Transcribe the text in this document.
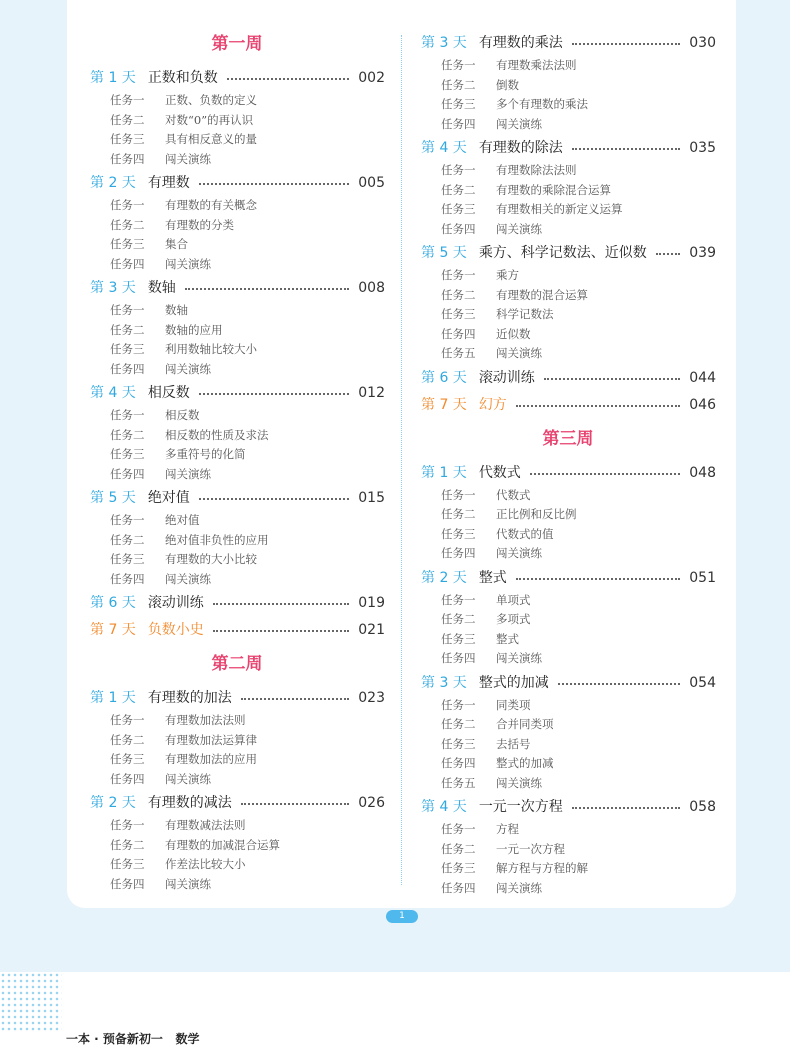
第一周
第 1 天 正数和负数	002
任务一 正数、负数的定义
任务二 对数“0”的再认识
任务三 具有相反意义的量
任务四 闯关演练
第 2 天 有理数	005
任务一 有理数的有关概念
任务二 有理数的分类
任务三 集合
任务四 闯关演练
第 3 天 数轴	008
任务一 数轴
任务二 数轴的应用
任务三 利用数轴比较大小
任务四 闯关演练
第 4 天 相反数	012
任务一 相反数
任务二 相反数的性质及求法
任务三 多重符号的化简
任务四 闯关演练
第 5 天 绝对值	015
任务一 绝对值
任务二 绝对值非负性的应用
任务三 有理数的大小比较
任务四 闯关演练
第 6 天 滚动训练	019
第 7 天 负数小史	021
第二周
第 1 天 有理数的加法	023
任务一 有理数加法法则
任务二 有理数加法运算律
任务三 有理数加法的应用
任务四 闯关演练
第 2 天 有理数的减法	026
任务一 有理数减法法则
任务二 有理数的加减混合运算
任务三 作差法比较大小
任务四 闯关演练
第 3 天 有理数的乘法	030
任务一 有理数乘法法则
任务二 倒数
任务三 多个有理数的乘法
任务四 闯关演练
第 4 天 有理数的除法	035
任务一 有理数除法法则
任务二 有理数的乘除混合运算
任务三 有理数相关的新定义运算
任务四 闯关演练
第 5 天 乘方、科学记数法、近似数	039
任务一 乘方
任务二 有理数的混合运算
任务三 科学记数法
任务四 近似数
任务五 闯关演练
第 6 天 滚动训练	044
第 7 天 幻方	046
第三周
第 1 天 代数式	048
任务一 代数式
任务二 正比例和反比例
任务三 代数式的值
任务四 闯关演练
第 2 天 整式	051
任务一 单项式
任务二 多项式
任务三 整式
任务四 闯关演练
第 3 天 整式的加减	054
任务一 同类项
任务二 合并同类项
任务三 去括号
任务四 整式的加减
任务五 闯关演练
第 4 天 一元一次方程	058
任务一 方程
任务二 一元一次方程
任务三 解方程与方程的解
任务四 闯关演练
1
一本 · 预备新初一 数学
